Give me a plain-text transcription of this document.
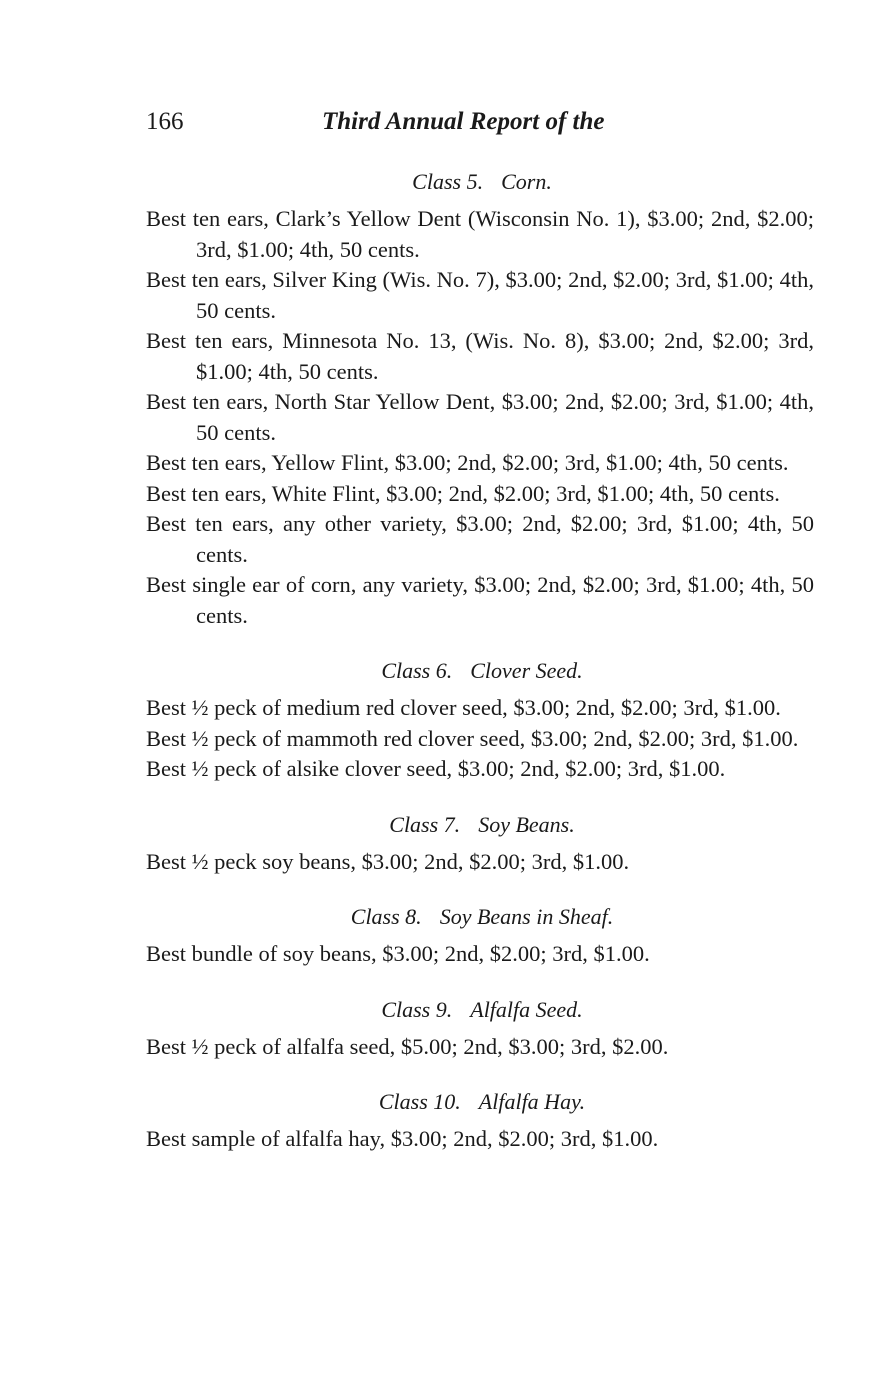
166	Third Annual Report of the

Class 5. Corn.

Best ten ears, Clark’s Yellow Dent (Wisconsin No. 1), $3.00; 2nd, $2.00; 3rd, $1.00; 4th, 50 cents.

Best ten ears, Silver King (Wis. No. 7), $3.00; 2nd, $2.00; 3rd, $1.00; 4th, 50 cents.

Best ten ears, Minnesota No. 13, (Wis. No. 8), $3.00; 2nd, $2.00; 3rd, $1.00; 4th, 50 cents.

Best ten ears, North Star Yellow Dent, $3.00; 2nd, $2.00; 3rd, $1.00; 4th, 50 cents.

Best ten ears, Yellow Flint, $3.00; 2nd, $2.00; 3rd, $1.00; 4th, 50 cents.

Best ten ears, White Flint, $3.00; 2nd, $2.00; 3rd, $1.00; 4th, 50 cents.

Best ten ears, any other variety, $3.00; 2nd, $2.00; 3rd, $1.00; 4th, 50 cents.

Best single ear of corn, any variety, $3.00; 2nd, $2.00; 3rd, $1.00; 4th, 50 cents.

Class 6. Clover Seed.

Best ½ peck of medium red clover seed, $3.00; 2nd, $2.00; 3rd, $1.00.

Best ½ peck of mammoth red clover seed, $3.00; 2nd, $2.00; 3rd, $1.00.

Best ½ peck of alsike clover seed, $3.00; 2nd, $2.00; 3rd, $1.00.

Class 7. Soy Beans.

Best ½ peck soy beans, $3.00; 2nd, $2.00; 3rd, $1.00.

Class 8. Soy Beans in Sheaf.

Best bundle of soy beans, $3.00; 2nd, $2.00; 3rd, $1.00.

Class 9. Alfalfa Seed.

Best ½ peck of alfalfa seed, $5.00; 2nd, $3.00; 3rd, $2.00.

Class 10. Alfalfa Hay.

Best sample of alfalfa hay, $3.00; 2nd, $2.00; 3rd, $1.00.
